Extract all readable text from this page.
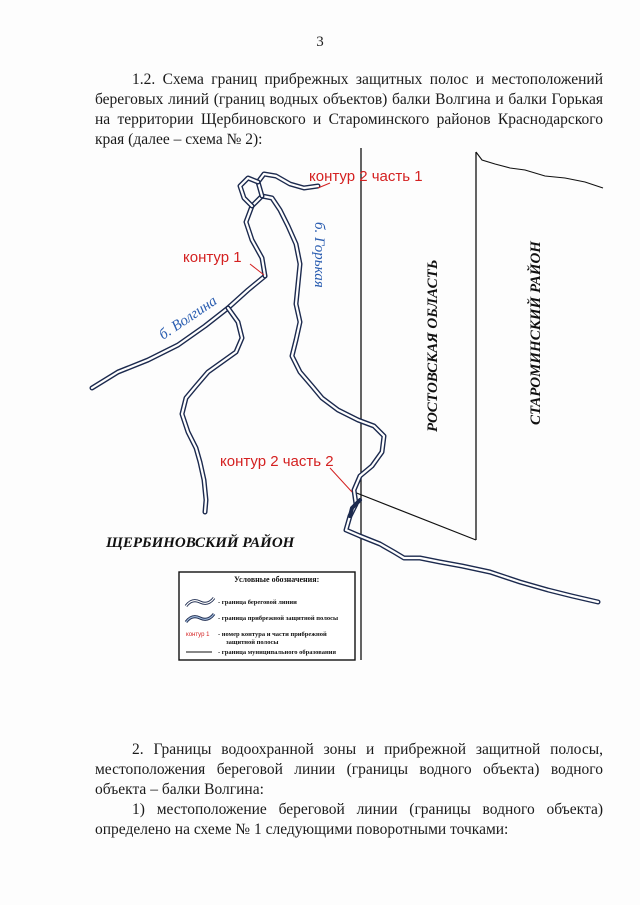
3

1.2. Схема границ прибрежных защитных полос и местоположений береговых линий (границ водных объектов) балки Волгина и балки Горькая на территории Щербиновского и Староминского районов Краснодарского края (далее – схема № 2):

контур 2 часть 1
контур 1
контур 2 часть 2
б. Волгина
б. Горькая
РОСТОВСКАЯ ОБЛАСТЬ	СТАРОМИНСКИЙ РАЙОН
ЩЕРБИНОВСКИЙ РАЙОН
Условные обозначения:
- граница береговой линии
- граница прибрежной защитной полосы
контур 1 - номер контура и части прибрежной
защитной полосы
- граница муниципального образования

2. Границы водоохранной зоны и прибрежной защитной полосы, местоположения береговой линии (границы водного объекта) водного объекта – балки Волгина:

1) местоположение береговой линии (границы водного объекта) определено на схеме № 1 следующими поворотными точками:
